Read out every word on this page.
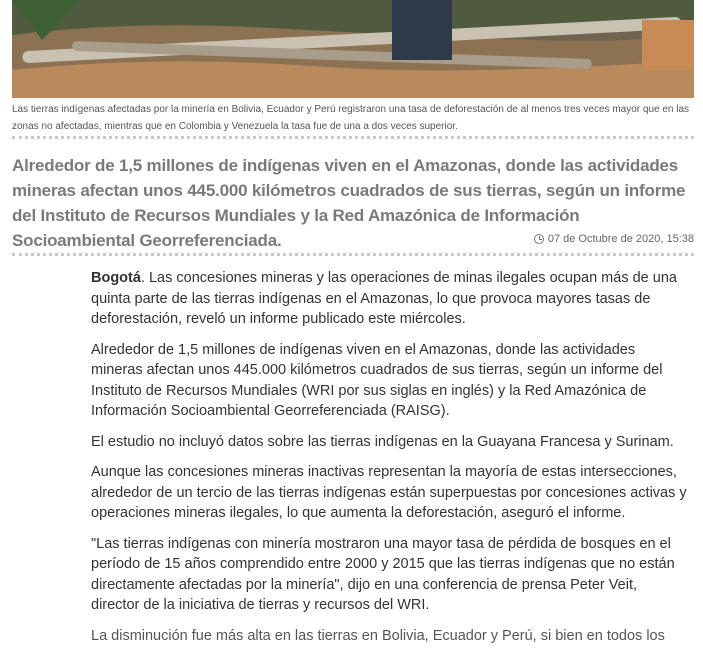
Las tierras indígenas afectadas por la minería en Bolivia, Ecuador y Perú registraron una tasa de deforestación de al menos tres veces mayor que en las zonas no afectadas, mientras que en Colombia y Venezuela la tasa fue de una a dos veces superior.
Alrededor de 1,5 millones de indígenas viven en el Amazonas, donde las actividades mineras afectan unos 445.000 kilómetros cuadrados de sus tierras, según un informe del Instituto de Recursos Mundiales y la Red Amazónica de Información Socioambiental Georreferenciada.	07 de Octubre de 2020, 15:38

Bogotá. Las concesiones mineras y las operaciones de minas ilegales ocupan más de una quinta parte de las tierras indígenas en el Amazonas, lo que provoca mayores tasas de deforestación, reveló un informe publicado este miércoles.

Alrededor de 1,5 millones de indígenas viven en el Amazonas, donde las actividades mineras afectan unos 445.000 kilómetros cuadrados de sus tierras, según un informe del Instituto de Recursos Mundiales (WRI por sus siglas en inglés) y la Red Amazónica de Información Socioambiental Georreferenciada (RAISG).

El estudio no incluyó datos sobre las tierras indígenas en la Guayana Francesa y Surinam.

Aunque las concesiones mineras inactivas representan la mayoría de estas intersecciones, alrededor de un tercio de las tierras indígenas están superpuestas por concesiones activas y operaciones mineras ilegales, lo que aumenta la deforestación, aseguró el informe.

"Las tierras indígenas con minería mostraron una mayor tasa de pérdida de bosques en el período de 15 años comprendido entre 2000 y 2015 que las tierras indígenas que no están directamente afectadas por la minería", dijo en una conferencia de prensa Peter Veit, director de la iniciativa de tierras y recursos del WRI.

La disminución fue más alta en las tierras en Bolivia, Ecuador y Perú, si bien en todos los
